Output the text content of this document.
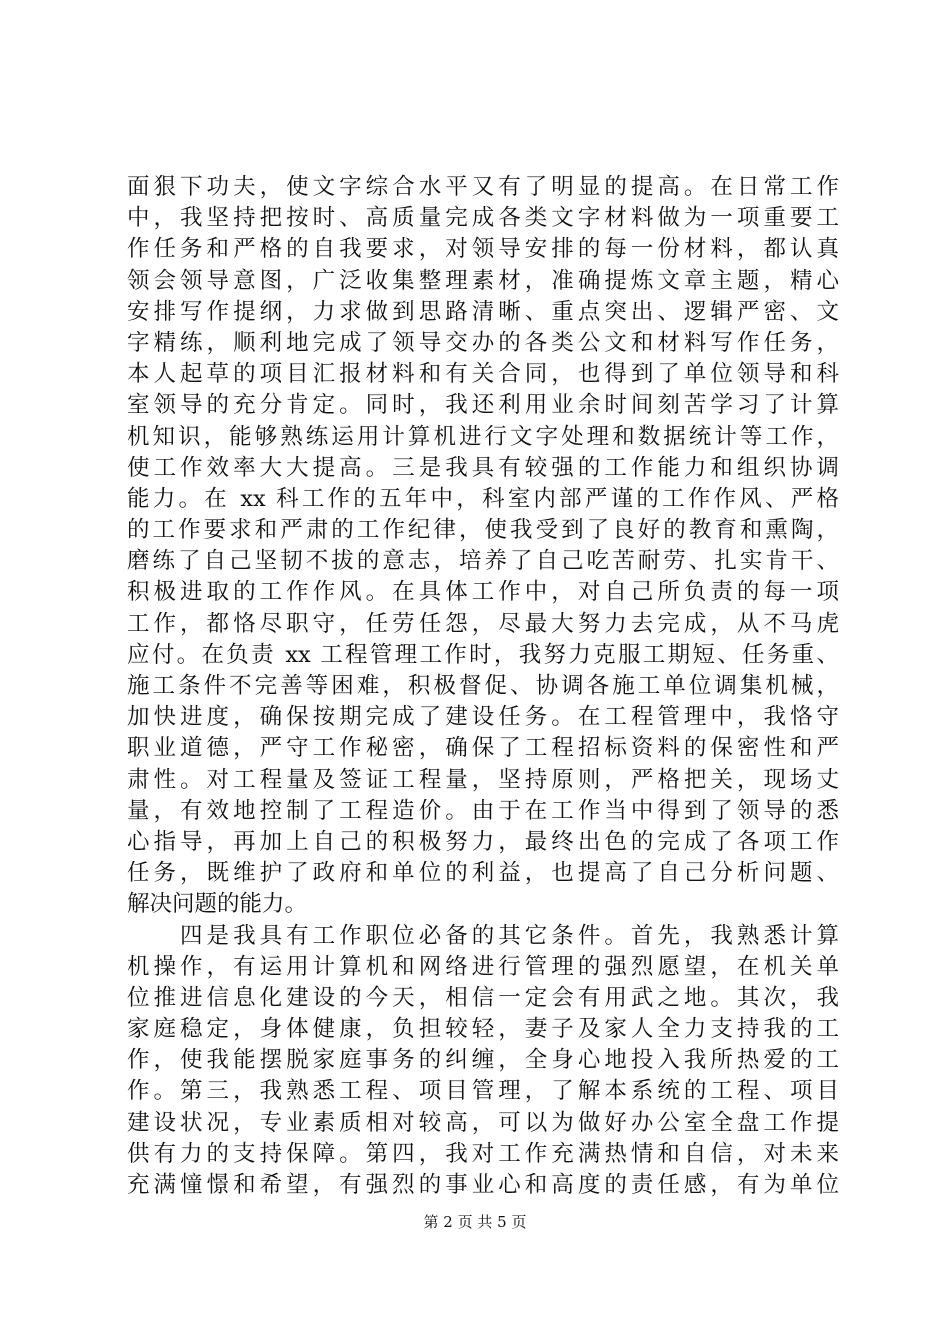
面狠下功夫，使文字综合水平又有了明显的提高。在日常工作
中，我坚持把按时、高质量完成各类文字材料做为一项重要工
作任务和严格的自我要求，对领导安排的每一份材料，都认真
领会领导意图，广泛收集整理素材，准确提炼文章主题，精心
安排写作提纲，力求做到思路清晰、重点突出、逻辑严密、文
字精练，顺利地完成了领导交办的各类公文和材料写作任务，
本人起草的项目汇报材料和有关合同，也得到了单位领导和科
室领导的充分肯定。同时，我还利用业余时间刻苦学习了计算
机知识，能够熟练运用计算机进行文字处理和数据统计等工作，
使工作效率大大提高。三是我具有较强的工作能力和组织协调
能力。在 xx 科工作的五年中，科室内部严谨的工作作风、严格
的工作要求和严肃的工作纪律，使我受到了良好的教育和熏陶，
磨练了自己坚韧不拔的意志，培养了自己吃苦耐劳、扎实肯干、
积极进取的工作作风。在具体工作中，对自己所负责的每一项
工作，都恪尽职守，任劳任怨，尽最大努力去完成，从不马虎
应付。在负责 xx 工程管理工作时，我努力克服工期短、任务重、
施工条件不完善等困难，积极督促、协调各施工单位调集机械，
加快进度，确保按期完成了建设任务。在工程管理中，我恪守
职业道德，严守工作秘密，确保了工程招标资料的保密性和严
肃性。对工程量及签证工程量，坚持原则，严格把关，现场丈
量，有效地控制了工程造价。由于在工作当中得到了领导的悉
心指导，再加上自己的积极努力，最终出色的完成了各项工作
任务，既维护了政府和单位的利益，也提高了自己分析问题、
解决问题的能力。
　　四是我具有工作职位必备的其它条件。首先，我熟悉计算
机操作，有运用计算机和网络进行管理的强烈愿望，在机关单
位推进信息化建设的今天，相信一定会有用武之地。其次，我
家庭稳定，身体健康，负担较轻，妻子及家人全力支持我的工
作，使我能摆脱家庭事务的纠缠，全身心地投入我所热爱的工
作。第三，我熟悉工程、项目管理，了解本系统的工程、项目
建设状况，专业素质相对较高，可以为做好办公室全盘工作提
供有力的支持保障。第四，我对工作充满热情和自信，对未来
充满憧憬和希望，有强烈的事业心和高度的责任感，有为单位
第 2 页 共 5 页
